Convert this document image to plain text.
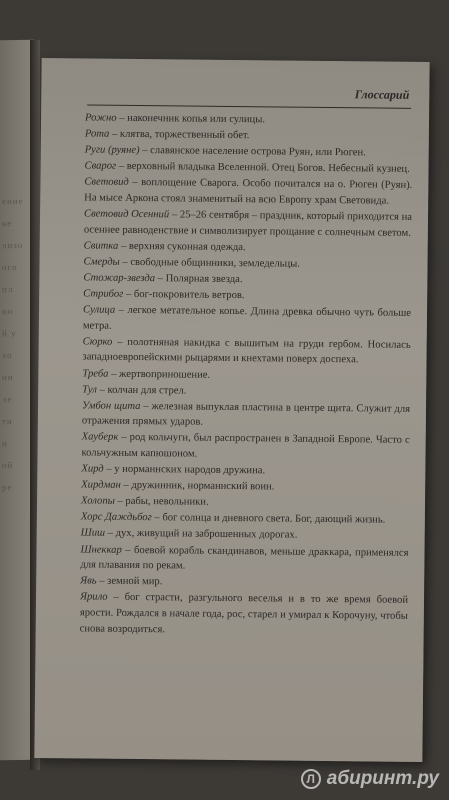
ение
ке
лизо
ого
пл
но
й у
хо
нн
ле
ти
и
ой
ре
Глоссарий

Рожно – наконечник копья или сулицы.

Рота – клятва, торжественный обет.

Руги (руяне) – славянское население острова Руян, или Рюген.

Сварог – верховный владыка Вселенной. Отец Богов. Небесный кузнец.

Световид – воплощение Сварога. Особо почитался на о. Рюген (Руян). На мысе Аркона стоял знаменитый на всю Европу храм Световида.

Световид Осенний – 25–26 сентября – праздник, который приходится на осеннее равноденствие и символизирует прощание с солнечным светом.

Свитка – верхняя суконная одежда.

Смерды – свободные общинники, земледельцы.

Стожар-звезда – Полярная звезда.

Стрибог – бог-покровитель ветров.

Сулица – легкое метательное копье. Длина древка обычно чуть больше метра.

Сюрко – полотняная накидка с вышитым на груди гербом. Носилась западноевропейскими рыцарями и кнехтами поверх доспеха.

Треба – жертвоприношение.

Тул – колчан для стрел.

Умбон щита – железная выпуклая пластина в центре щита. Служит для отражения прямых ударов.

Хауберк – род кольчуги, был распространен в Западной Европе. Часто с кольчужным капюшоном.

Хирд – у норманнских народов дружина.

Хирдман – дружинник, норманнский воин.

Холопы – рабы, невольники.

Хорс Даждьбог – бог солнца и дневного света. Бог, дающий жизнь.

Шиш – дух, живущий на заброшенных дорогах.

Шнеккар – боевой корабль скандинавов, меньше драккара, применялся для плавания по рекам.

Явь – земной мир.

Ярило – бог страсти, разгульного веселья и в то же время боевой ярости. Рождался в начале года, рос, старел и умирал к Корочуну, чтобы снова возродиться.

Л абиринт.ру
